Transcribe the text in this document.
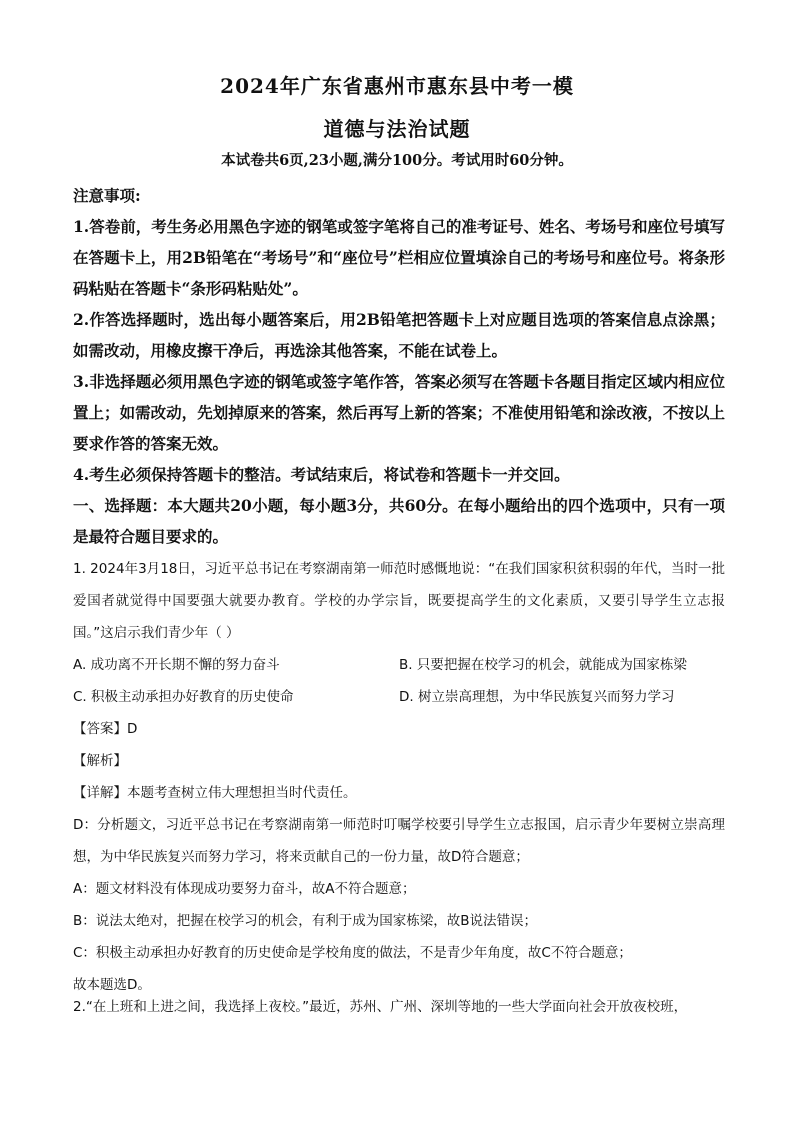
2024年广东省惠州市惠东县中考一模
道德与法治试题
本试卷共6页,23小题,满分100分。考试用时60分钟。

注意事项:

1.答卷前，考生务必用黑色字迹的钢笔或签字笔将自己的准考证号、姓名、考场号和座位号填写在答题卡上，用2B铅笔在“考场号”和“座位号”栏相应位置填涂自己的考场号和座位号。将条形码粘贴在答题卡“条形码粘贴处”。

2.作答选择题时，选出每小题答案后，用2B铅笔把答题卡上对应题目选项的答案信息点涂黑；如需改动，用橡皮擦干净后，再选涂其他答案，不能在试卷上。

3.非选择题必须用黑色字迹的钢笔或签字笔作答，答案必须写在答题卡各题目指定区域内相应位置上；如需改动，先划掉原来的答案，然后再写上新的答案；不准使用铅笔和涂改液，不按以上要求作答的答案无效。

4.考生必须保持答题卡的整洁。考试结束后，将试卷和答题卡一并交回。

一、选择题：本大题共20小题，每小题3分，共60分。在每小题给出的四个选项中，只有一项是最符合题目要求的。

1. 2024年3月18日，习近平总书记在考察湖南第一师范时感慨地说：“在我们国家积贫积弱的年代，当时一批爱国者就觉得中国要强大就要办教育。学校的办学宗旨，既要提高学生的文化素质，又要引导学生立志报国。”这启示我们青少年（ ）

A. 成功离不开长期不懈的努力奋斗	B. 只要把握在校学习的机会，就能成为国家栋梁
C. 积极主动承担办好教育的历史使命	D. 树立崇高理想，为中华民族复兴而努力学习

【答案】D

【解析】

【详解】本题考查树立伟大理想担当时代责任。

D：分析题文，习近平总书记在考察湖南第一师范时叮嘱学校要引导学生立志报国，启示青少年要树立崇高理想，为中华民族复兴而努力学习，将来贡献自己的一份力量，故D符合题意；

A：题文材料没有体现成功要努力奋斗，故A不符合题意；

B：说法太绝对，把握在校学习的机会，有利于成为国家栋梁，故B说法错误；

C：积极主动承担办好教育的历史使命是学校角度的做法，不是青少年角度，故C不符合题意；

故本题选D。

2.“在上班和上进之间，我选择上夜校。”最近，苏州、广州、深圳等地的一些大学面向社会开放夜校班，
